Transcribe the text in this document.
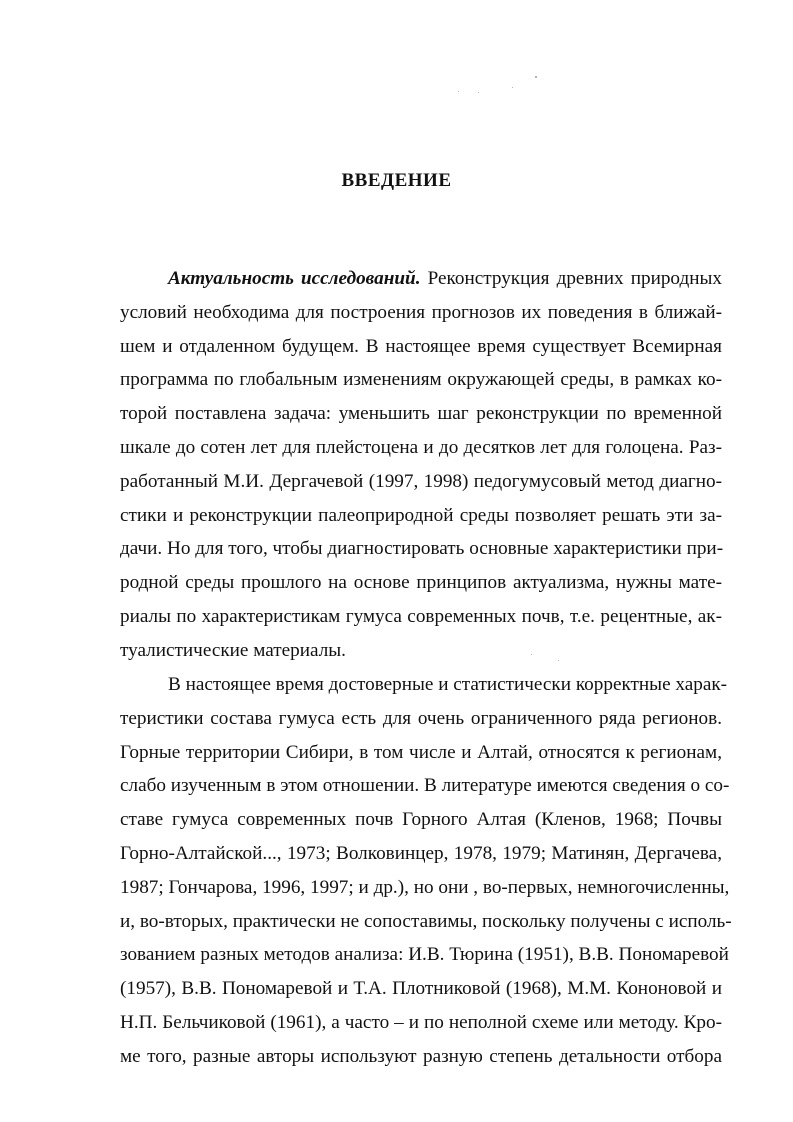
ВВЕДЕНИЕ
Актуальность исследований. Реконструкция древних природных
условий необходима для построения прогнозов их поведения в ближай-
шем и отдаленном будущем. В настоящее время существует Всемирная
программа по глобальным изменениям окружающей среды, в рамках ко-
торой поставлена задача: уменьшить шаг реконструкции по временной
шкале до сотен лет для плейстоцена и до десятков лет для голоцена. Раз-
работанный М.И. Дергачевой (1997, 1998) педогумусовый метод диагно-
стики и реконструкции палеоприродной среды позволяет решать эти за-
дачи. Но для того, чтобы диагностировать основные характеристики при-
родной среды прошлого на основе принципов актуализма, нужны мате-
риалы по характеристикам гумуса современных почв, т.е. рецентные, ак-
туалистические материалы.
В настоящее время достоверные и статистически корректные харак-
теристики состава гумуса есть для очень ограниченного ряда регионов.
Горные территории Сибири, в том числе и Алтай, относятся к регионам,
слабо изученным в этом отношении. В литературе имеются сведения о со-
ставе гумуса современных почв Горного Алтая (Кленов, 1968; Почвы
Горно-Алтайской..., 1973; Волковинцер, 1978, 1979; Матинян, Дергачева,
1987; Гончарова, 1996, 1997; и др.), но они , во-первых, немногочисленны,
и, во-вторых, практически не сопоставимы, поскольку получены с исполь-
зованием разных методов анализа: И.В. Тюрина (1951), В.В. Пономаревой
(1957), В.В. Пономаревой и Т.А. Плотниковой (1968), М.М. Кононовой и
Н.П. Бельчиковой (1961), а часто – и по неполной схеме или методу. Кро-
ме того, разные авторы используют разную степень детальности отбора
